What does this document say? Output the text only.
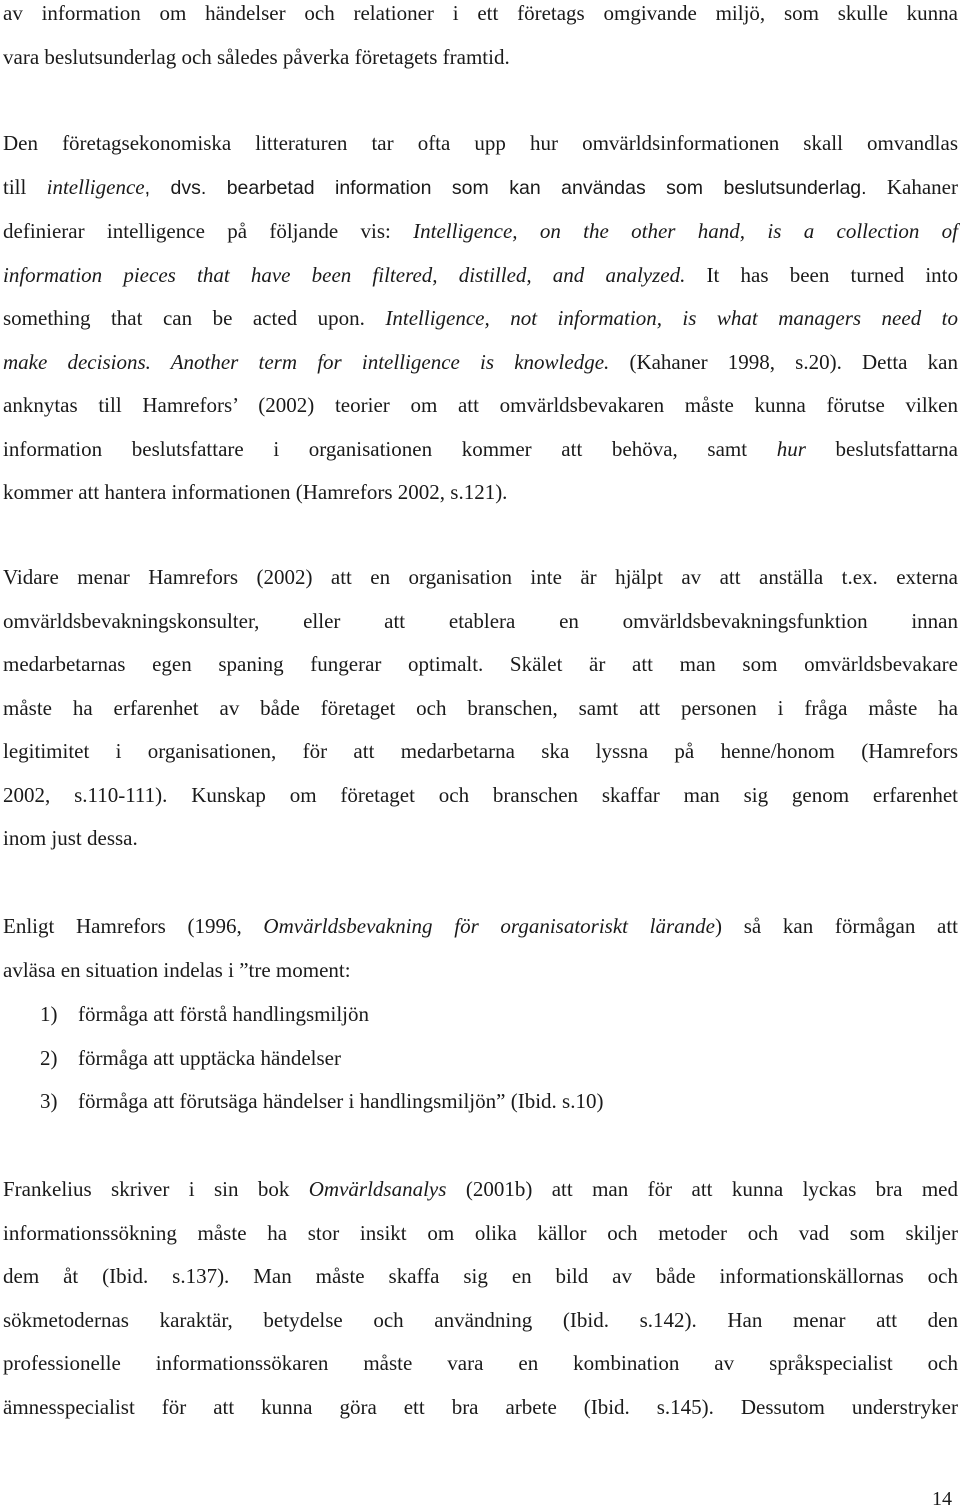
av information om händelser och relationer i ett företags omgivande miljö, som skulle kunna
vara beslutsunderlag och således påverka företagets framtid.

Den företagsekonomiska litteraturen tar ofta upp hur omvärldsinformationen skall omvandlas
till intelligence, dvs. bearbetad information som kan användas som beslutsunderlag. Kahaner
definierar intelligence på följande vis: Intelligence, on the other hand, is a collection of
information pieces that have been filtered, distilled, and analyzed. It has been turned into
something that can be acted upon. Intelligence, not information, is what managers need to
make decisions. Another term for intelligence is knowledge. (Kahaner 1998, s.20). Detta kan
anknytas till Hamrefors’ (2002) teorier om att omvärldsbevakaren måste kunna förutse vilken
information beslutsfattare i organisationen kommer att behöva, samt hur beslutsfattarna
kommer att hantera informationen (Hamrefors 2002, s.121).

Vidare menar Hamrefors (2002) att en organisation inte är hjälpt av att anställa t.ex. externa
omvärldsbevakningskonsulter, eller att etablera en omvärldsbevakningsfunktion innan
medarbetarnas egen spaning fungerar optimalt. Skälet är att man som omvärldsbevakare
måste ha erfarenhet av både företaget och branschen, samt att personen i fråga måste ha
legitimitet i organisationen, för att medarbetarna ska lyssna på henne/honom (Hamrefors
2002, s.110-111). Kunskap om företaget och branschen skaffar man sig genom erfarenhet
inom just dessa.

Enligt Hamrefors (1996, Omvärldsbevakning för organisatoriskt lärande) så kan förmågan att
avläsa en situation indelas i ”tre moment:

1) förmåga att förstå handlingsmiljön
2) förmåga att upptäcka händelser
3) förmåga att förutsäga händelser i handlingsmiljön” (Ibid. s.10)

Frankelius skriver i sin bok Omvärldsanalys (2001b) att man för att kunna lyckas bra med
informationssökning måste ha stor insikt om olika källor och metoder och vad som skiljer
dem åt (Ibid. s.137). Man måste skaffa sig en bild av både informationskällornas och
sökmetodernas karaktär, betydelse och användning (Ibid. s.142). Han menar att den
professionelle informationssökaren måste vara en kombination av språkspecialist och
ämnesspecialist för att kunna göra ett bra arbete (Ibid. s.145). Dessutom understryker

14
